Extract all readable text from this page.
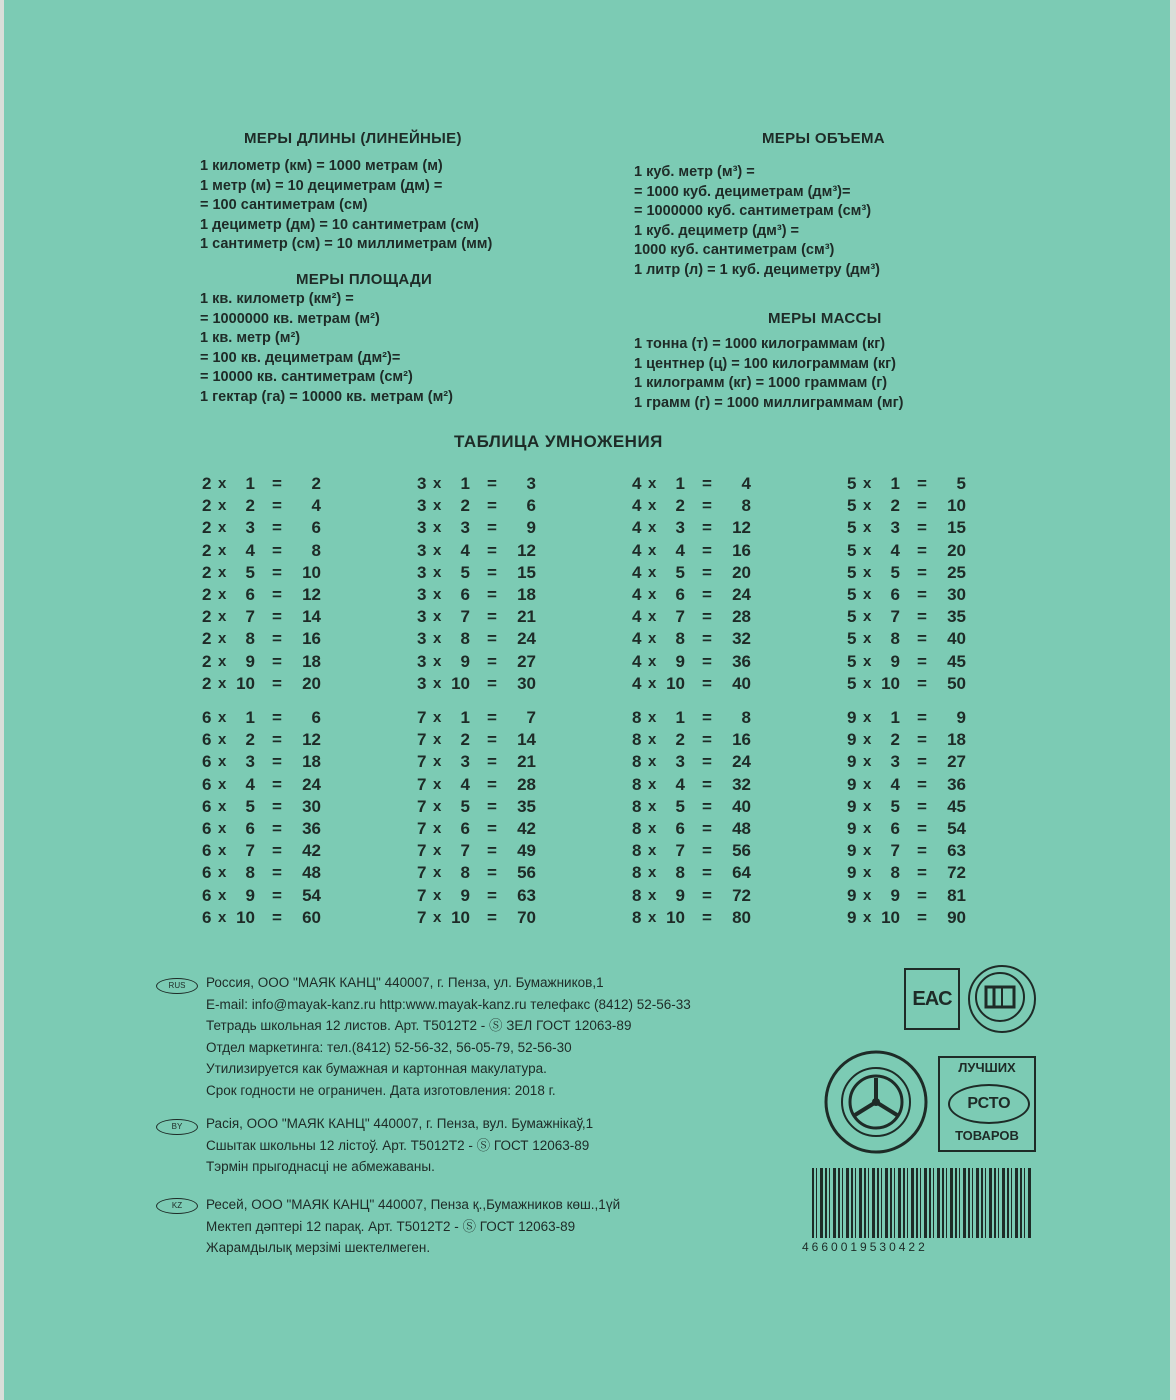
МЕРЫ ДЛИНЫ (ЛИНЕЙНЫЕ)
1 километр (км) = 1000 метрам (м)
1 метр (м) = 10 дециметрам (дм) =
= 100 сантиметрам (см)
1 дециметр (дм) = 10 сантиметрам (см)
1 сантиметр (см) = 10 миллиметрам (мм)
МЕРЫ ПЛОЩАДИ
1 кв. километр (км²) =
= 1000000 кв. метрам (м²)
1 кв. метр (м²)
= 100 кв. дециметрам (дм²)=
= 10000 кв. сантиметрам (см²)
1 гектар (га) = 10000 кв. метрам (м²)
МЕРЫ ОБЪЕМА
1 куб. метр (м³) =
= 1000 куб. дециметрам (дм³)=
= 1000000 куб. сантиметрам (см³)
1 куб. дециметр (дм³) =
1000 куб. сантиметрам (см³)
1 литр (л) = 1 куб. дециметру (дм³)
МЕРЫ МАССЫ
1 тонна (т) = 1000 килограммам (кг)
1 центнер (ц) = 100 килограммам (кг)
1 килограмм (кг) = 1000 граммам (г)
1 грамм (г) = 1000 миллиграммам (мг)
ТАБЛИЦА УМНОЖЕНИЯ
2 x	1 =	2
2 x	2 =	4
2 x	3 =	6
2 x	4 =	8
2 x	5 =	10
2 x	6 =	12
2 x	7 =	14
2 x	8 =	16
2 x	9 =	18
2 x 10 =	20
3 x	1 =	3
3 x	2 =	6
3 x	3 =	9
3 x	4 =	12
3 x	5 =	15
3 x	6 =	18
3 x	7 =	21
3 x	8 =	24
3 x	9 =	27
3 x 10 =	30
4 x	1 =	4
4 x	2 =	8
4 x	3 =	12
4 x	4 =	16
4 x	5 =	20
4 x	6 =	24
4 x	7 =	28
4 x	8 =	32
4 x	9 =	36
4 x 10 =	40
5 x	1 =	5
5 x	2 =	10
5 x	3 =	15
5 x	4 =	20
5 x	5 =	25
5 x	6 =	30
5 x	7 =	35
5 x	8 =	40
5 x	9 =	45
5 x 10 =	50
6 x	1 =	6
6 x	2 =	12
6 x	3 =	18
6 x	4 =	24
6 x	5 =	30
6 x	6 =	36
6 x	7 =	42
6 x	8 =	48
6 x	9 =	54
6 x 10 =	60
7 x	1 =	7
7 x	2 =	14
7 x	3 =	21
7 x	4 =	28
7 x	5 =	35
7 x	6 =	42
7 x	7 =	49
7 x	8 =	56
7 x	9 =	63
7 x 10 =	70
8 x	1 =	8
8 x	2 =	16
8 x	3 =	24
8 x	4 =	32
8 x	5 =	40
8 x	6 =	48
8 x	7 =	56
8 x	8 =	64
8 x	9 =	72
8 x 10 =	80
9 x	1 =	9
9 x	2 =	18
9 x	3 =	27
9 x	4 =	36
9 x	5 =	45
9 x	6 =	54
9 x	7 =	63
9 x	8 =	72
9 x	9 =	81
9 x 10 =	90
RUS	Россия, ООО "МАЯК КАНЦ" 440007, г. Пенза, ул. Бумажников,1
E-mail: info@mayak-kanz.ru http:www.mayak-kanz.ru телефакс (8412) 52-56-33
Тетрадь школьная 12 листов. Арт. Т5012Т2 - Ⓢ ЗЕЛ ГОСТ 12063-89
Отдел маркетинга: тел.(8412) 52-56-32, 56-05-79, 52-56-30
Утилизируется как бумажная и картонная макулатура.
Срок годности не ограничен. Дата изготовления: 2018 г.
BY	Расія, ООО "МАЯК КАНЦ" 440007, г. Пенза, вул. Бумажнікаў,1
Сшытак школьны 12 лістоў. Арт. Т5012Т2 - Ⓢ ГОСТ 12063-89
Тэрмін прыгоднасці не абмежаваны.
KZ	Ресей, ООО "МАЯК КАНЦ" 440007, Пенза қ.,Бумажников көш.,1үй
Мектеп дәптері 12 парақ. Арт. Т5012Т2 - Ⓢ ГОСТ 12063-89
Жарамдылық мерзімі шектелмеген.
EAC
ЛУЧШИХ
РСТО
ТОВАРОВ
4660019530422
